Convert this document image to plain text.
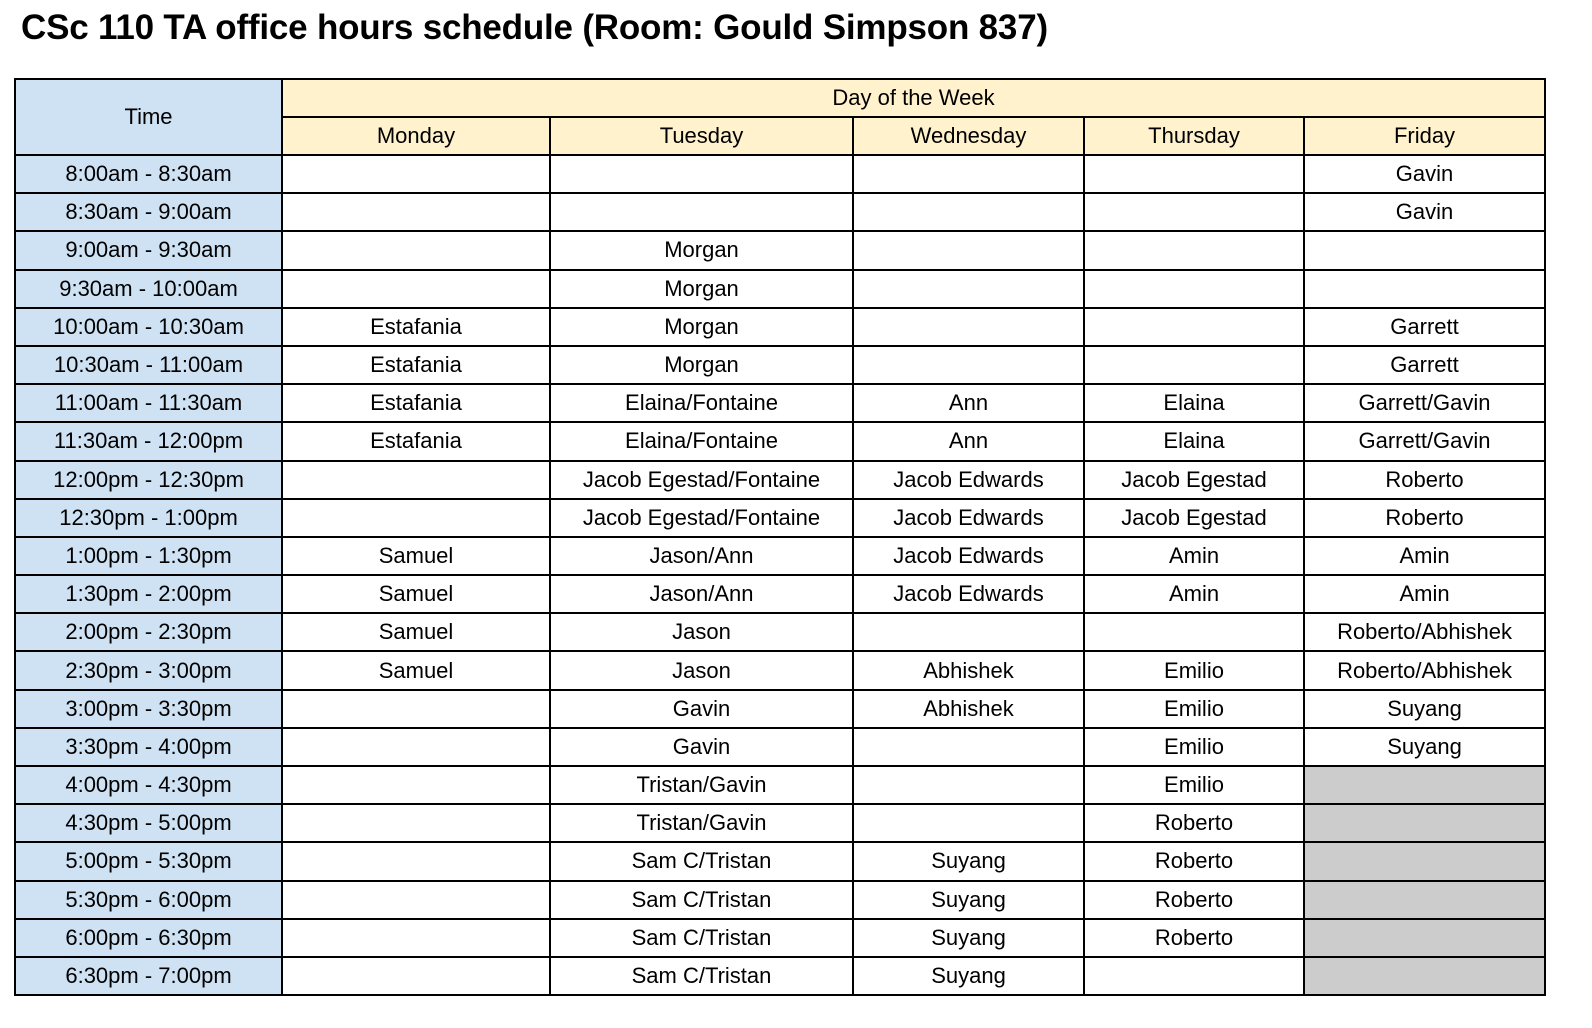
CSc 110 TA office hours schedule (Room: Gould Simpson 837)
Time	Day of the Week				
	Monday	Tuesday	Wednesday	Thursday	Friday
8:00am - 8:30am					Gavin
8:30am - 9:00am					Gavin
9:00am - 9:30am		Morgan			
9:30am - 10:00am		Morgan			
10:00am - 10:30am	Estafania	Morgan			Garrett
10:30am - 11:00am	Estafania	Morgan			Garrett
11:00am - 11:30am	Estafania	Elaina/Fontaine	Ann	Elaina	Garrett/Gavin
11:30am - 12:00pm	Estafania	Elaina/Fontaine	Ann	Elaina	Garrett/Gavin
12:00pm - 12:30pm		Jacob Egestad/Fontaine	Jacob Edwards	Jacob Egestad	Roberto
12:30pm - 1:00pm		Jacob Egestad/Fontaine	Jacob Edwards	Jacob Egestad	Roberto
1:00pm - 1:30pm	Samuel	Jason/Ann	Jacob Edwards	Amin	Amin
1:30pm - 2:00pm	Samuel	Jason/Ann	Jacob Edwards	Amin	Amin
2:00pm - 2:30pm	Samuel	Jason			Roberto/Abhishek
2:30pm - 3:00pm	Samuel	Jason	Abhishek	Emilio	Roberto/Abhishek
3:00pm - 3:30pm		Gavin	Abhishek	Emilio	Suyang
3:30pm - 4:00pm		Gavin		Emilio	Suyang
4:00pm - 4:30pm		Tristan/Gavin		Emilio	
4:30pm - 5:00pm		Tristan/Gavin		Roberto	
5:00pm - 5:30pm		Sam C/Tristan	Suyang	Roberto	
5:30pm - 6:00pm		Sam C/Tristan	Suyang	Roberto	
6:00pm - 6:30pm		Sam C/Tristan	Suyang	Roberto	
6:30pm - 7:00pm		Sam C/Tristan	Suyang		
